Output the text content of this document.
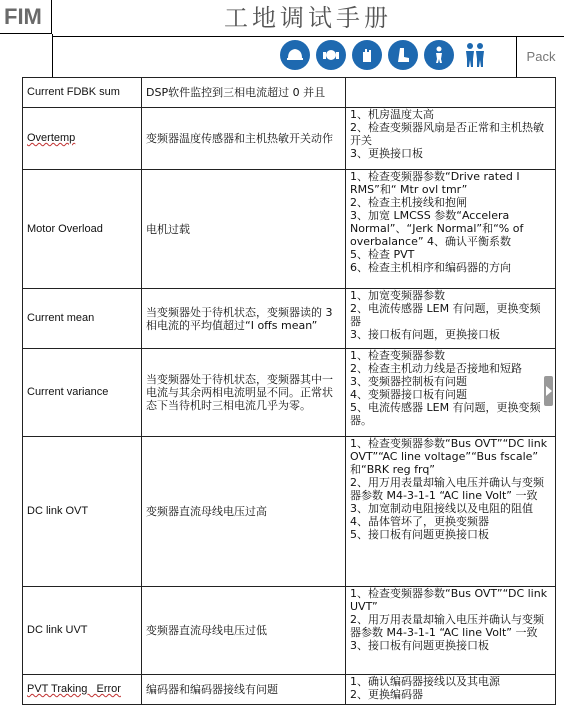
FIM	工地调试手册
Pack
Current FDBK sum	DSP软件监控到三相电流超过 0 并且	
Overtemp	变频器温度传感器和主机热敏开关动作	1、机房温度太高
2、检查变频器风扇是否正常和主机热敏开关
3、更换接口板

Motor Overload	电机过载	1、检查变频器参数“Drive rated I RMS”和“ Mtr ovl tmr”
2、检查主机接线和抱闸
3、加宽 LMCSS 参数“Accelera Normal”、“Jerk Normal”和“% of overbalance” 4、确认平衡系数
5、检查 PVT
6、检查主机相序和编码器的方向

Current mean	当变频器处于待机状态，变频器读的 3 相电流的平均值超过“I offs mean”	1、加宽变频器参数
2、电流传感器 LEM 有问题，更换变频器
3、接口板有问题，更换接口板

Current variance	当变频器处于待机状态，变频器其中一电流与其余两相电流明显不同。正常状态下当待机时三相电流几乎为零。	1、检查变频器参数
2、检查主机动力线是否接地和短路
3、变频器控制板有问题
4、变频器接口板有问题
5、电流传感器 LEM 有问题，更换变频器。

DC link OVT	变频器直流母线电压过高	1、检查变频器参数“Bus OVT”“DC link OVT”“AC line voltage”“Bus fscale” 和“BRK reg frq”
2、用万用表量却输入电压并确认与变频器参数 M4-3-1-1 “AC line Volt” 一致
3、加宽制动电阻接线以及电阻的阻值
4、晶体管坏了，更换变频器
5、接口板有问题更换接口板

DC link UVT	变频器直流母线电压过低	1、检查变频器参数“Bus OVT”“DC link UVT”
2、用万用表量却输入电压并确认与变频器参数 M4-3-1-1 “AC line Volt” 一致
3、接口板有问题更换接口板

PVT Traking   Error	编码器和编码器接线有问题	1、确认编码器接线以及其电源
2、更换编码器
